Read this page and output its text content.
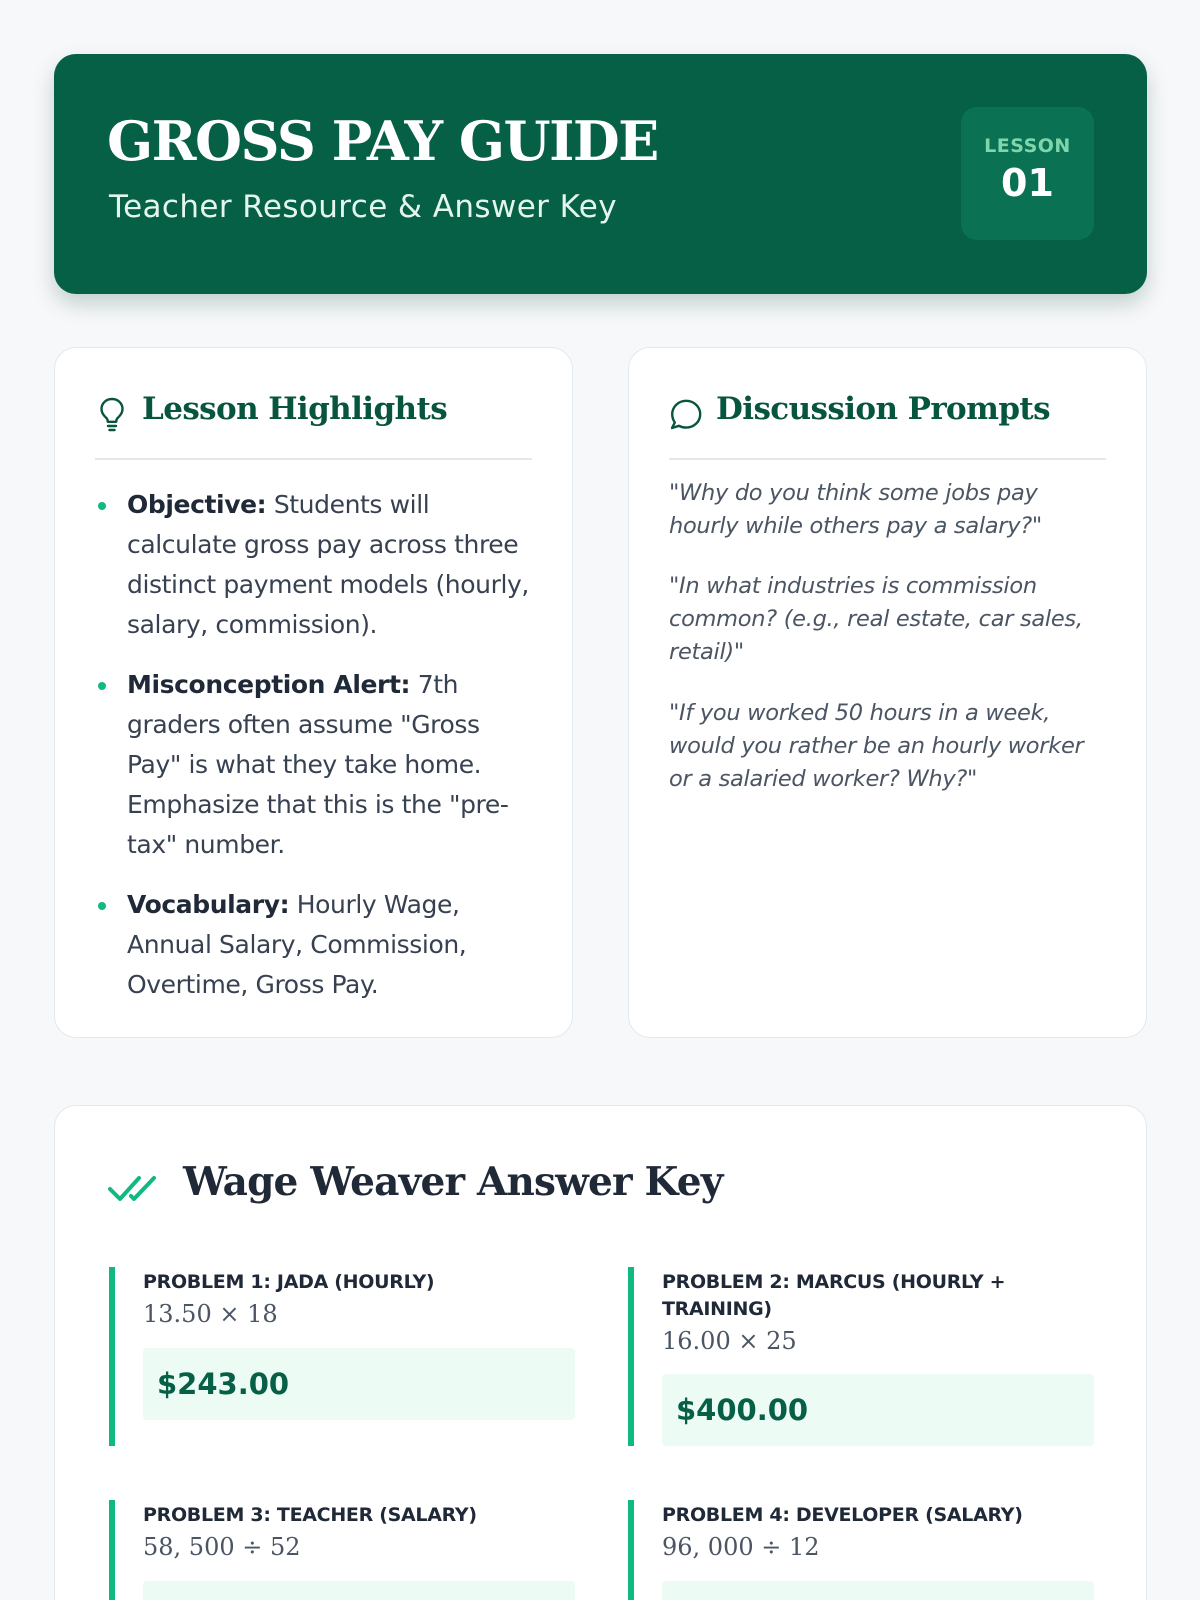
GROSS PAY GUIDE
Teacher Resource & Answer Key
LESSON
01
Lesson Highlights

Objective: Students will calculate gross pay across three distinct payment models (hourly, salary, commission).

Misconception Alert: 7th graders often assume "Gross Pay" is what they take home. Emphasize that this is the "pre-tax" number.

Vocabulary: Hourly Wage, Annual Salary, Commission, Overtime, Gross Pay.

Discussion Prompts

"Why do you think some jobs pay hourly while others pay a salary?"

"In what industries is commission common? (e.g., real estate, car sales, retail)"

"If you worked 50 hours in a week, would you rather be an hourly worker or a salaried worker? Why?"

Wage Weaver Answer Key
PROBLEM 1: JADA (HOURLY)
13.50 × 18
$243.00
PROBLEM 2: MARCUS (HOURLY + TRAINING)
16.00 × 25
$400.00
PROBLEM 3: TEACHER (SALARY)
58, 500 ÷ 52
PROBLEM 4: DEVELOPER (SALARY)
96, 000 ÷ 12
